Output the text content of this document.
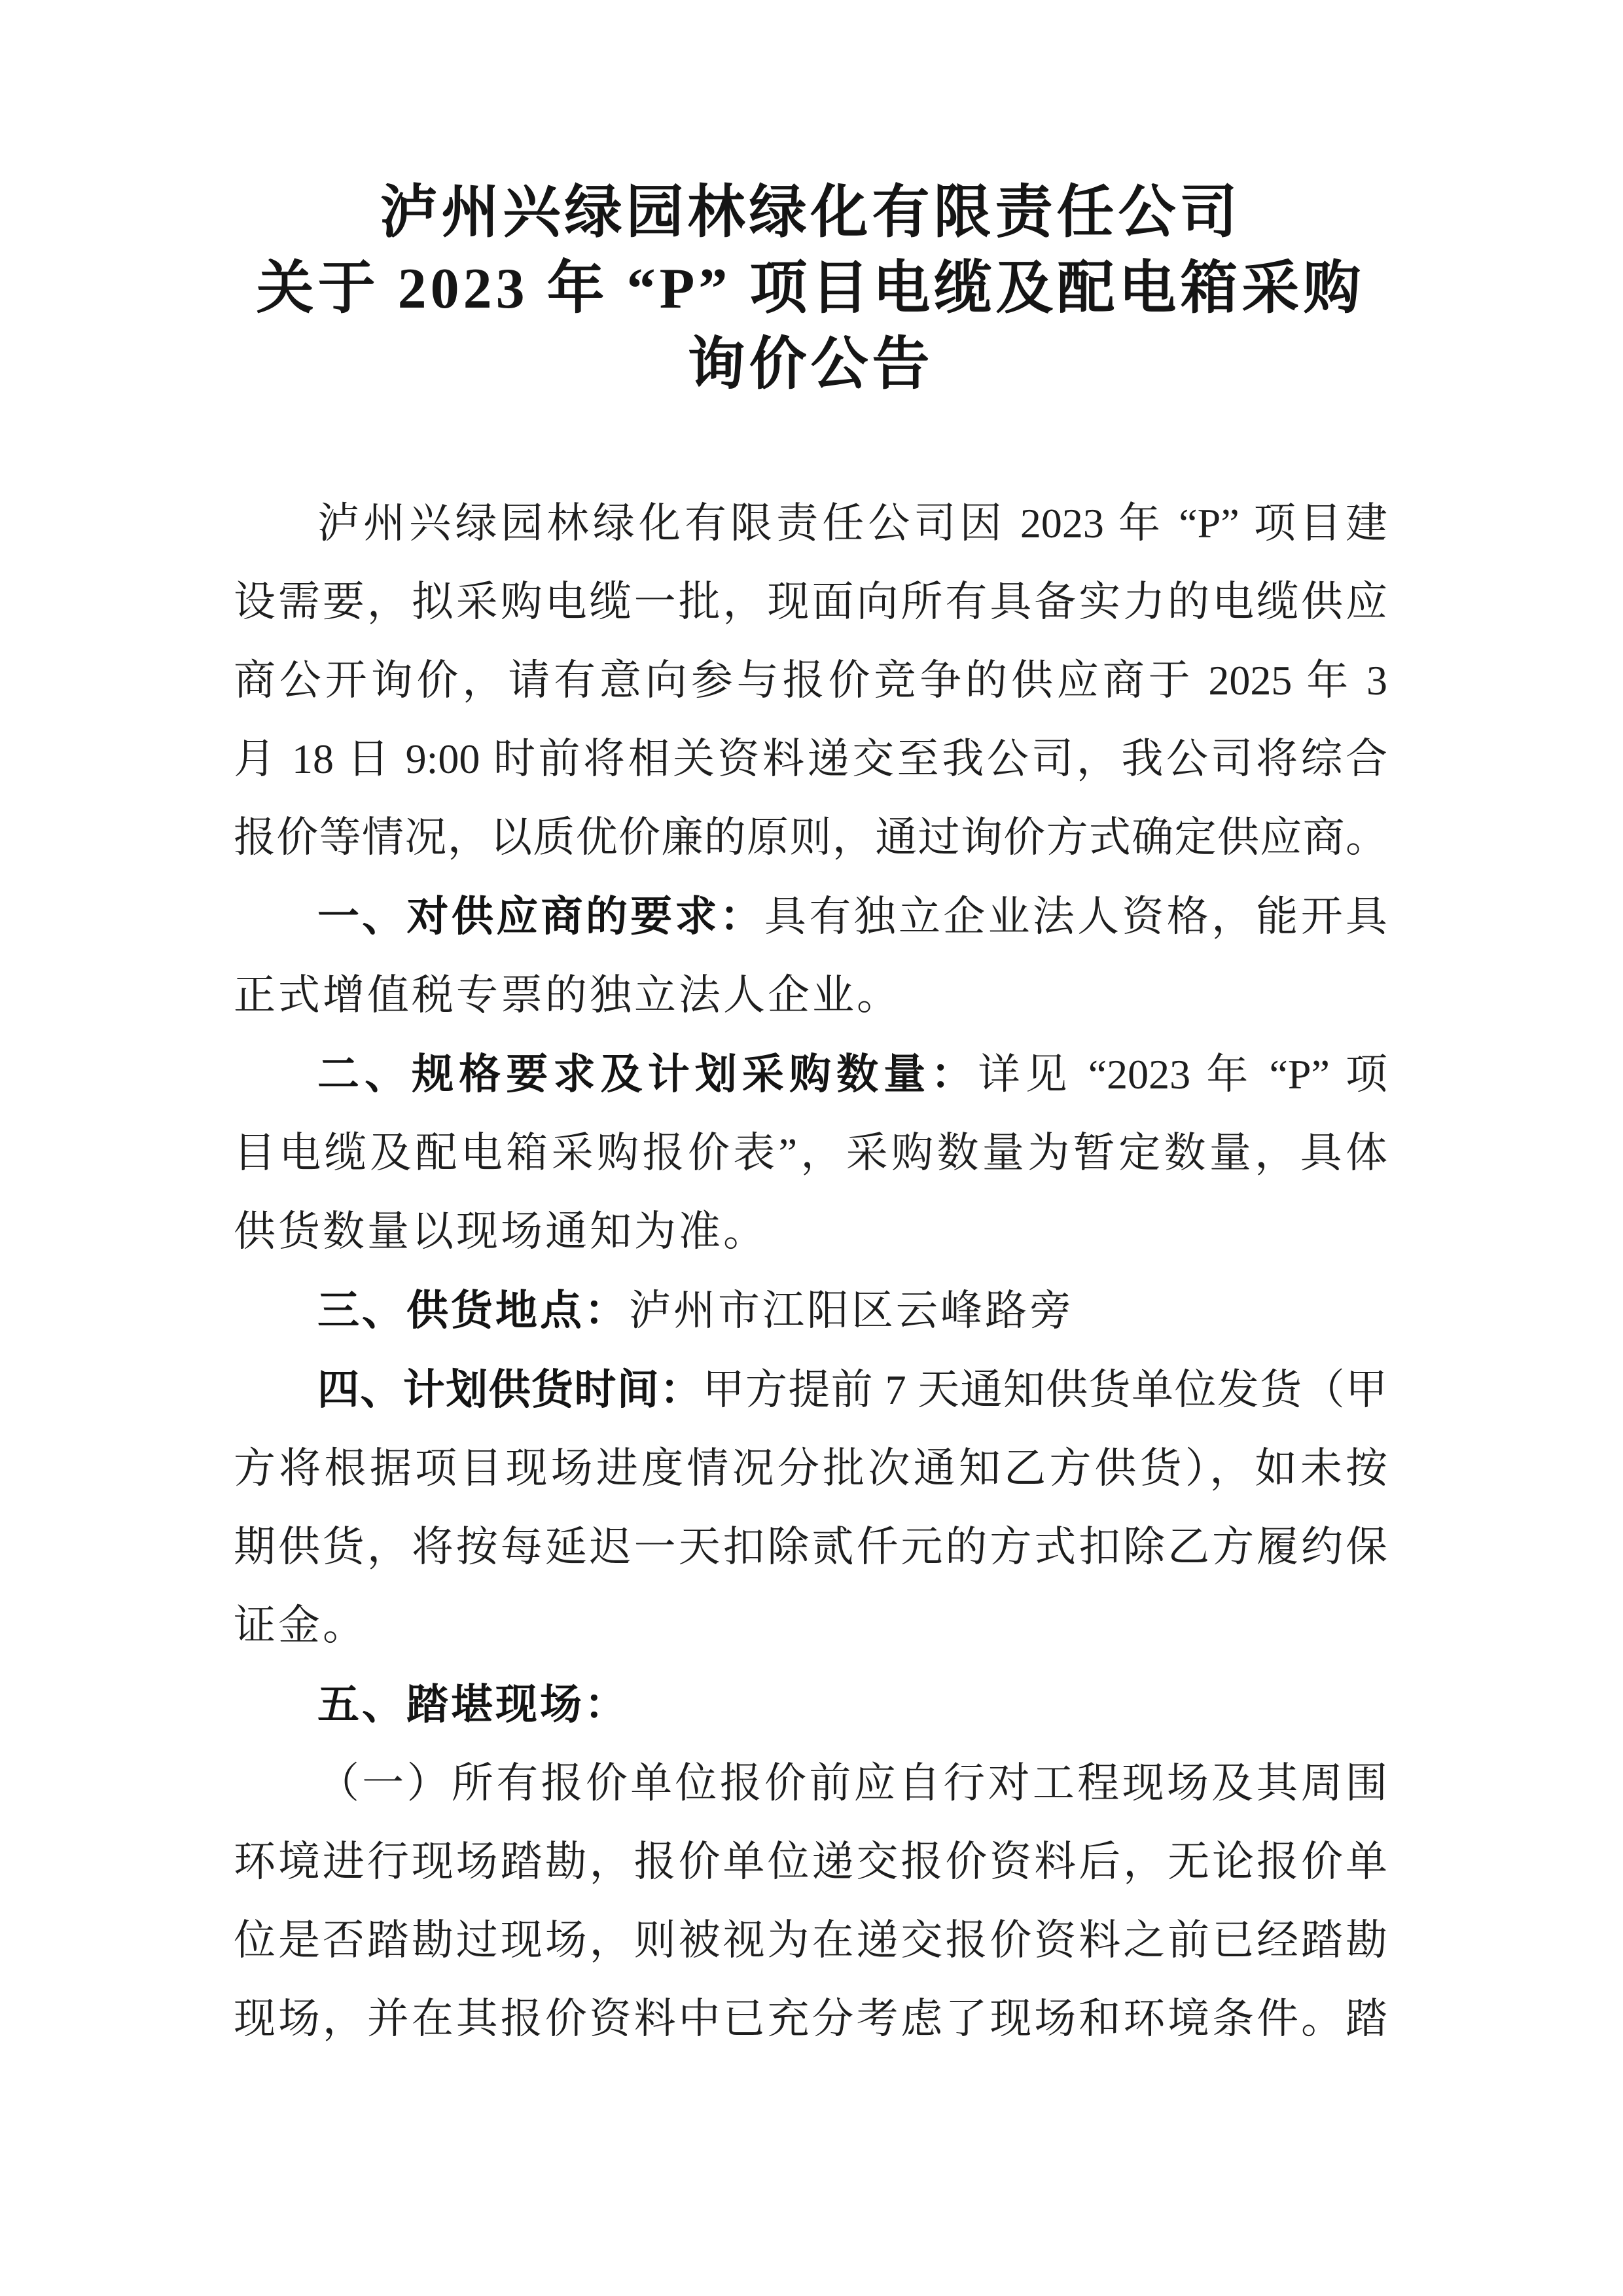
泸州兴绿园林绿化有限责任公司
关于 2023 年 “P” 项目电缆及配电箱采购
询价公告
泸州兴绿园林绿化有限责任公司因 2023 年 “P” 项目建
设需要，拟采购电缆一批，现面向所有具备实力的电缆供应
商公开询价，请有意向参与报价竞争的供应商于 2025 年 3
月 18 日 9:00 时前将相关资料递交至我公司，我公司将综合
报价等情况，以质优价廉的原则，通过询价方式确定供应商。
一、对供应商的要求：具有独立企业法人资格，能开具
正式增值税专票的独立法人企业。
二、规格要求及计划采购数量：详见 “2023 年 “P” 项
目电缆及配电箱采购报价表”，采购数量为暂定数量，具体
供货数量以现场通知为准。
三、供货地点：泸州市江阳区云峰路旁
四、计划供货时间：甲方提前 7 天通知供货单位发货（甲
方将根据项目现场进度情况分批次通知乙方供货），如未按
期供货，将按每延迟一天扣除贰仟元的方式扣除乙方履约保
证金。
五、踏堪现场：
（一）所有报价单位报价前应自行对工程现场及其周围
环境进行现场踏勘，报价单位递交报价资料后，无论报价单
位是否踏勘过现场，则被视为在递交报价资料之前已经踏勘
现场，并在其报价资料中已充分考虑了现场和环境条件。踏
